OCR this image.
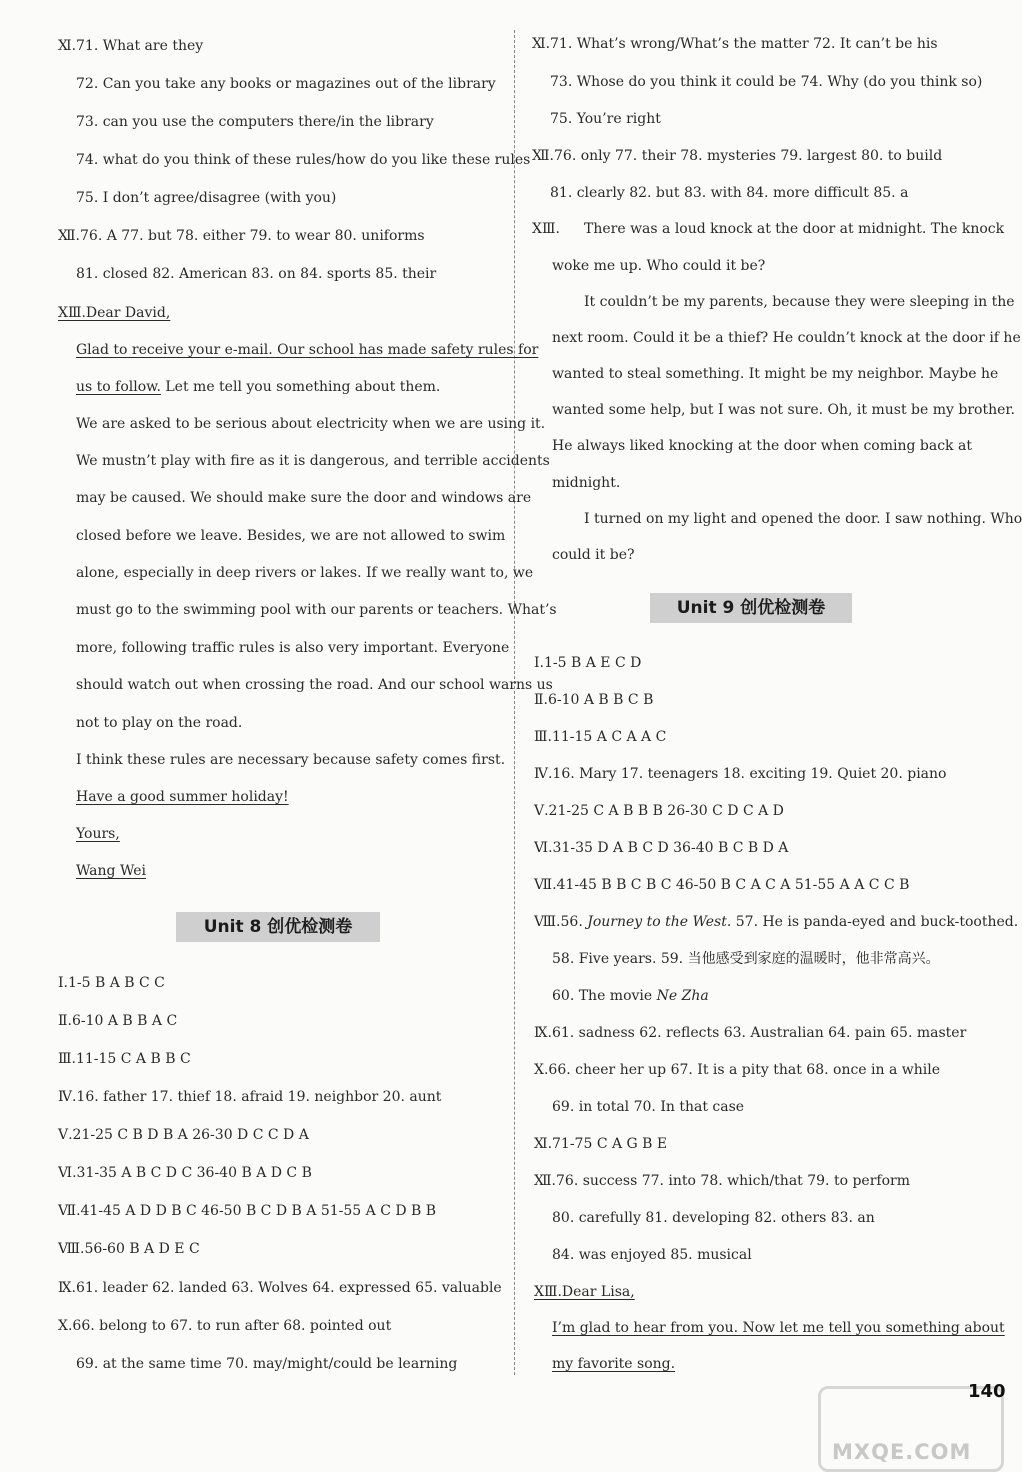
Ⅺ.71. What are they
72. Can you take any books or magazines out of the library
73. can you use the computers there/in the library
74. what do you think of these rules/how do you like these rules
75. I don’t agree/disagree (with you)
Ⅻ.76. A 77. but 78. either 79. to wear 80. uniforms
81. closed 82. American 83. on 84. sports 85. their
ⅩⅢ.Dear David,
Glad to receive your e-mail. Our school has made safety rules for
us to follow. Let me tell you something about them.
We are asked to be serious about electricity when we are using it.
We mustn’t play with fire as it is dangerous, and terrible accidents
may be caused. We should make sure the door and windows are
closed before we leave. Besides, we are not allowed to swim
alone, especially in deep rivers or lakes. If we really want to, we
must go to the swimming pool with our parents or teachers. What’s
more, following traffic rules is also very important. Everyone
should watch out when crossing the road. And our school warns us
not to play on the road.
I think these rules are necessary because safety comes first.
Have a good summer holiday!
Yours,
Wang Wei
Unit 8 创优检测卷
Ⅰ.1-5 B A B C C
Ⅱ.6-10 A B B A C
Ⅲ.11-15 C A B B C
Ⅳ.16. father 17. thief 18. afraid 19. neighbor 20. aunt
Ⅴ.21-25 C B D B A 26-30 D C C D A
Ⅵ.31-35 A B C D C 36-40 B A D C B
Ⅶ.41-45 A D D B C 46-50 B C D B A 51-55 A C D B B
Ⅷ.56-60 B A D E C
Ⅸ.61. leader 62. landed 63. Wolves 64. expressed 65. valuable
Ⅹ.66. belong to 67. to run after 68. pointed out
69. at the same time 70. may/might/could be learning
Ⅺ.71. What’s wrong/What’s the matter 72. It can’t be his
73. Whose do you think it could be 74. Why (do you think so)
75. You’re right
Ⅻ.76. only 77. their 78. mysteries 79. largest 80. to build
81. clearly 82. but 83. with 84. more difficult 85. a
ⅩⅢ. There was a loud knock at the door at midnight. The knock
woke me up. Who could it be?
It couldn’t be my parents, because they were sleeping in the
next room. Could it be a thief? He couldn’t knock at the door if he
wanted to steal something. It might be my neighbor. Maybe he
wanted some help, but I was not sure. Oh, it must be my brother.
He always liked knocking at the door when coming back at
midnight.
I turned on my light and opened the door. I saw nothing. Who
could it be?
Unit 9 创优检测卷
Ⅰ.1-5 B A E C D
Ⅱ.6-10 A B B C B
Ⅲ.11-15 A C A A C
Ⅳ.16. Mary 17. teenagers 18. exciting 19. Quiet 20. piano
Ⅴ.21-25 C A B B B 26-30 C D C A D
Ⅵ.31-35 D A B C D 36-40 B C B D A
Ⅶ.41-45 B B C B C 46-50 B C A C A 51-55 A A C C B
Ⅷ.56. Journey to the West. 57. He is panda-eyed and buck-toothed.
58. Five years. 59. 当他感受到家庭的温暖时，他非常高兴。
60. The movie Ne Zha
Ⅸ.61. sadness 62. reflects 63. Australian 64. pain 65. master
Ⅹ.66. cheer her up 67. It is a pity that 68. once in a while
69. in total 70. In that case
Ⅺ.71-75 C A G B E
Ⅻ.76. success 77. into 78. which/that 79. to perform
80. carefully 81. developing 82. others 83. an
84. was enjoyed 85. musical
ⅩⅢ.Dear Lisa,
I’m glad to hear from you. Now let me tell you something about
my favorite song.
MXQE.COM
140
